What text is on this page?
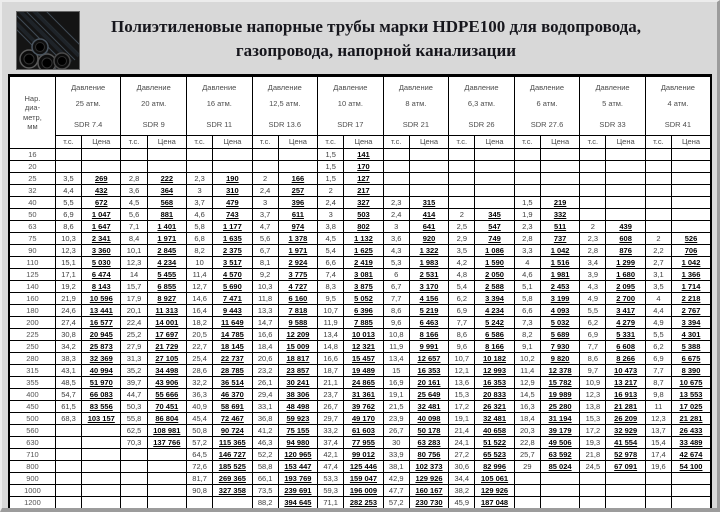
Полиэтиленовые напорные трубы марки HDPE100 для водопровода,
газопровода, напорной канализации
Нар.
диа-
метр,
мм

Давление
25 атм.
SDR 7.4

Давление
20 атм.
SDR 9

Давление
16 атм.
SDR 11

Давление
12,5 атм.
SDR 13.6

Давление
10 атм.
SDR 17

Давление
8 атм.
SDR 21

Давление
6,3 атм.
SDR 26

Давление
6 атм.
SDR 27.6

Давление
5 атм.
SDR 33

Давление
4 атм.
SDR 41

	т.с.	Цена	т.с.	Цена	т.с.	Цена	т.с.	Цена	т.с.	Цена	т.с.	Цена	т.с.	Цена	т.с.	Цена	т.с.	Цена	т.с.	Цена
16									1,5	141										
20									1,5	170										
25	3,5	269	2,8	222	2,3	190	2	166	1,5	127										
32	4,4	432	3,6	364	3	310	2,4	257	2	217										
40	5,5	672	4,5	568	3,7	479	3	396	2,4	327	2,3	315			1,5	219				
50	6,9	1 047	5,6	881	4,6	743	3,7	611	3	503	2,4	414	2	345	1,9	332				
63	8,6	1 647	7,1	1 401	5,8	1 177	4,7	974	3,8	802	3	641	2,5	547	2,3	511	2	439		
75	10,3	2 341	8,4	1 971	6,8	1 635	5,6	1 378	4,5	1 132	3,6	920	2,9	749	2,8	737	2,3	608	2	526
90	12,3	3 360	10,1	2 845	8,2	2 375	6,7	1 971	5,4	1 625	4,3	1 322	3,5	1 086	3,3	1 042	2,8	876	2,2	706
110	15,1	5 030	12,3	4 234	10	3 517	8,1	2 924	6,6	2 419	5,3	1 983	4,2	1 590	4	1 516	3,4	1 299	2,7	1 042
125	17,1	6 474	14	5 455	11,4	4 570	9,2	3 775	7,4	3 081	6	2 531	4,8	2 050	4,6	1 981	3,9	1 680	3,1	1 366
140	19,2	8 143	15,7	6 855	12,7	5 690	10,3	4 727	8,3	3 875	6,7	3 170	5,4	2 588	5,1	2 453	4,3	2 095	3,5	1 714
160	21,9	10 596	17,9	8 927	14,6	7 471	11,8	6 160	9,5	5 052	7,7	4 156	6,2	3 394	5,8	3 199	4,9	2 700	4	2 218
180	24,6	13 441	20,1	11 313	16,4	9 443	13,3	7 818	10,7	6 396	8,6	5 219	6,9	4 234	6,6	4 093	5,5	3 417	4,4	2 767
200	27,4	16 577	22,4	14 001	18,2	11 649	14,7	9 588	11,9	7 885	9,6	6 463	7,7	5 242	7,3	5 032	6,2	4 279	4,9	3 394
225	30,8	20 945	25,2	17 697	20,5	14 785	16,6	12 209	13,4	10 013	10,8	8 166	8,6	6 586	8,2	5 689	6,9	5 331	5,5	4 301
250	34,2	25 873	27,9	21 729	22,7	18 145	18,4	15 009	14,8	12 321	11,9	9 991	9,6	8 166	9,1	7 930	7,7	6 608	6,2	5 388
280	38,3	32 369	31,3	27 105	25,4	22 737	20,6	18 817	16,6	15 457	13,4	12 657	10,7	10 182	10,2	9 820	8,6	8 266	6,9	6 675
315	43,1	40 994	35,2	34 498	28,6	28 785	23,2	23 857	18,7	19 489	15	16 353	12,1	12 993	11,4	12 378	9,7	10 473	7,7	8 390
355	48,5	51 970	39,7	43 906	32,2	36 514	26,1	30 241	21,1	24 865	16,9	20 161	13,6	16 353	12,9	15 782	10,9	13 217	8,7	10 675
400	54,7	66 083	44,7	55 666	36,3	46 370	29,4	38 306	23,7	31 361	19,1	25 649	15,3	20 833	14,5	19 989	12,3	16 913	9,8	13 553
450	61,5	83 556	50,3	70 451	40,9	58 691	33,1	48 498	26,7	39 762	21,5	32 481	17,2	26 321	16,3	25 280	13,8	21 281	11	17 025
500	68,3	103 157	55,8	86 804	45,4	72 467	36,8	59 923	29,7	49 170	23,9	40 098	19,1	32 481	18,4	31 194	15,3	26 209	12,3	21 281
560			62,5	108 981	50,8	90 724	41,2	75 155	33,2	61 603	26,7	50 178	21,4	40 658	20,3	39 179	17,2	32 929	13,7	26 433
630			70,3	137 766	57,2	115 365	46,3	94 980	37,4	77 955	30	63 283	24,1	51 522	22,8	49 506	19,3	41 554	15,4	33 489
710					64,5	146 727	52,2	120 965	42,1	99 012	33,9	80 756	27,2	65 523	25,7	63 592	21,8	52 978	17,4	42 674
800					72,6	185 525	58,8	153 447	47,4	125 446	38,1	102 373	30,6	82 996	29	85 024	24,5	67 091	19,6	54 100
900					81,7	269 365	66,1	193 769	53,3	159 047	42,9	129 926	34,4	105 061						
1000					90,8	327 358	73,5	239 691	59,3	196 009	47,7	160 167	38,2	129 926						
1200							88,2	394 645	71,1	282 253	57,2	230 730	45,9	187 048						
